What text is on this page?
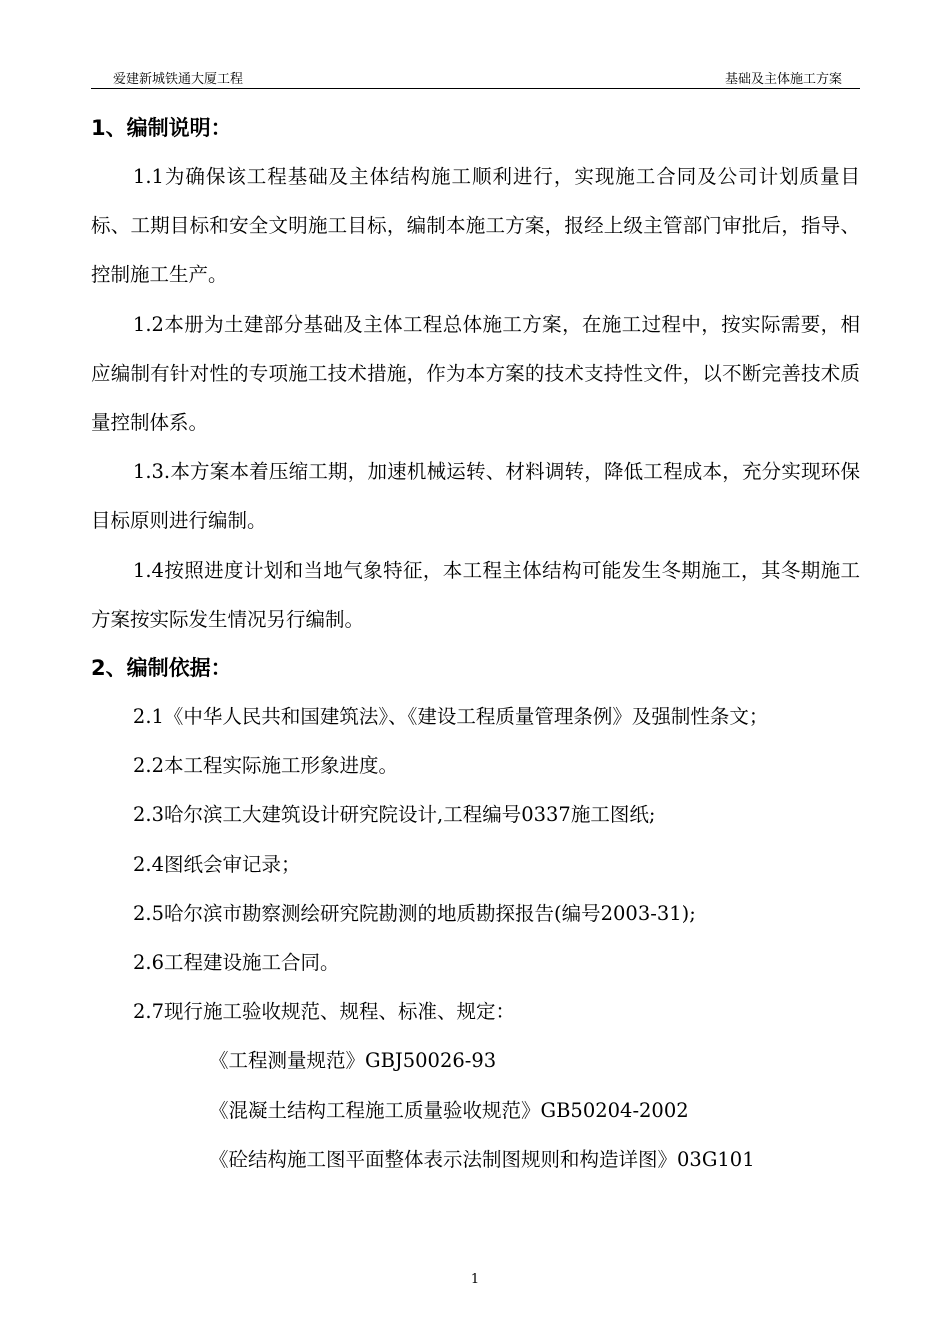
爱建新城铁通大厦工程	基础及主体施工方案
1、编制说明：

1.1为确保该工程基础及主体结构施工顺利进行，实现施工合同及公司计划质量目标、工期目标和安全文明施工目标，编制本施工方案，报经上级主管部门审批后，指导、控制施工生产。

1.2本册为土建部分基础及主体工程总体施工方案，在施工过程中，按实际需要，相应编制有针对性的专项施工技术措施，作为本方案的技术支持性文件，以不断完善技术质量控制体系。

1.3.本方案本着压缩工期，加速机械运转、材料调转，降低工程成本，充分实现环保目标原则进行编制。

1.4按照进度计划和当地气象特征，本工程主体结构可能发生冬期施工，其冬期施工方案按实际发生情况另行编制。

2、编制依据：

2.1《中华人民共和国建筑法》、《建设工程质量管理条例》及强制性条文；

2.2本工程实际施工形象进度。

2.3哈尔滨工大建筑设计研究院设计,工程编号0337施工图纸;

2.4图纸会审记录；

2.5哈尔滨市勘察测绘研究院勘测的地质勘探报告(编号2003-31);

2.6工程建设施工合同。

2.7现行施工验收规范、规程、标准、规定：

《工程测量规范》GBJ50026-93

《混凝土结构工程施工质量验收规范》GB50204-2002

《砼结构施工图平面整体表示法制图规则和构造详图》03G101

1
